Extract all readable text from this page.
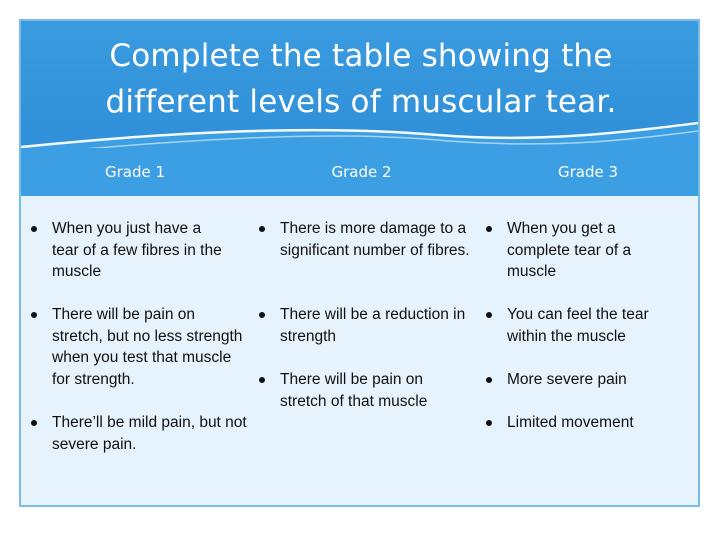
Complete the table showing the different levels of muscular tear.
Grade 1	Grade 2	Grade 3
When you just have a tear of a few fibres in the muscle
There will be pain on stretch, but no less strength when you test that muscle for strength.
There’ll be mild pain, but not severe pain.
There is more damage to a significant number of fibres.
There will be a reduction in strength
There will be pain on stretch of that muscle
When you get a complete tear of a muscle
You can feel the tear within the muscle
More severe pain
Limited movement
